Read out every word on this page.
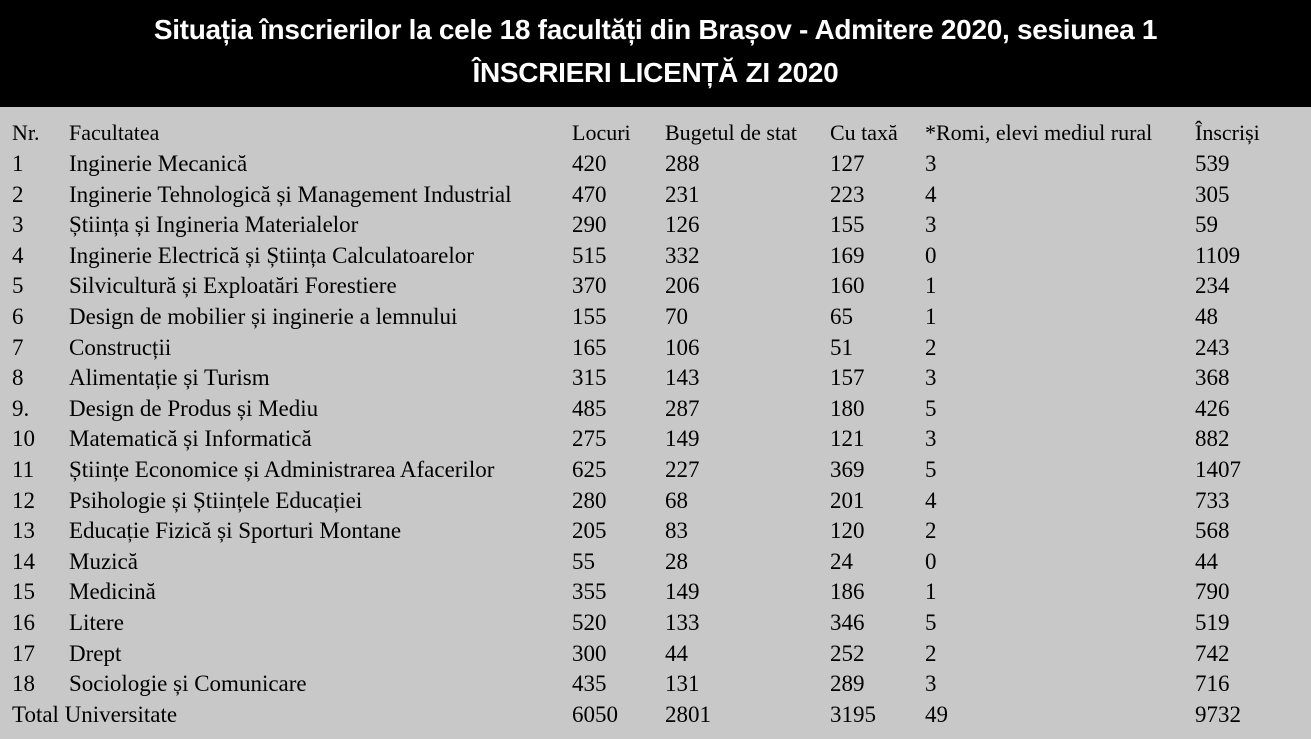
Situația înscrierilor la cele 18 facultăți din Brașov - Admitere 2020, sesiunea 1
ÎNSCRIERI LICENȚĂ ZI 2020
Nr.	Facultatea	Locuri	Bugetul de stat	Cu taxă	*Romi, elevi mediul rural	Înscriși
1	Inginerie Mecanică	420	288	127	3	539
2	Inginerie Tehnologică și Management Industrial	470	231	223	4	305
3	Știința și Ingineria Materialelor	290	126	155	3	59
4	Inginerie Electrică și Știința Calculatoarelor	515	332	169	0	1109
5	Silvicultură și Exploatări Forestiere	370	206	160	1	234
6	Design de mobilier și inginerie a lemnului	155	70	65	1	48
7	Construcții	165	106	51	2	243
8	Alimentație și Turism	315	143	157	3	368
9.	Design de Produs și Mediu	485	287	180	5	426
10	Matematică și Informatică	275	149	121	3	882
11	Științe Economice și Administrarea Afacerilor	625	227	369	5	1407
12	Psihologie și Științele Educației	280	68	201	4	733
13	Educație Fizică și Sporturi Montane	205	83	120	2	568
14	Muzică	55	28	24	0	44
15	Medicină	355	149	186	1	790
16	Litere	520	133	346	5	519
17	Drept	300	44	252	2	742
18	Sociologie și Comunicare	435	131	289	3	716
Total Universitate		6050	2801	3195	49	9732
